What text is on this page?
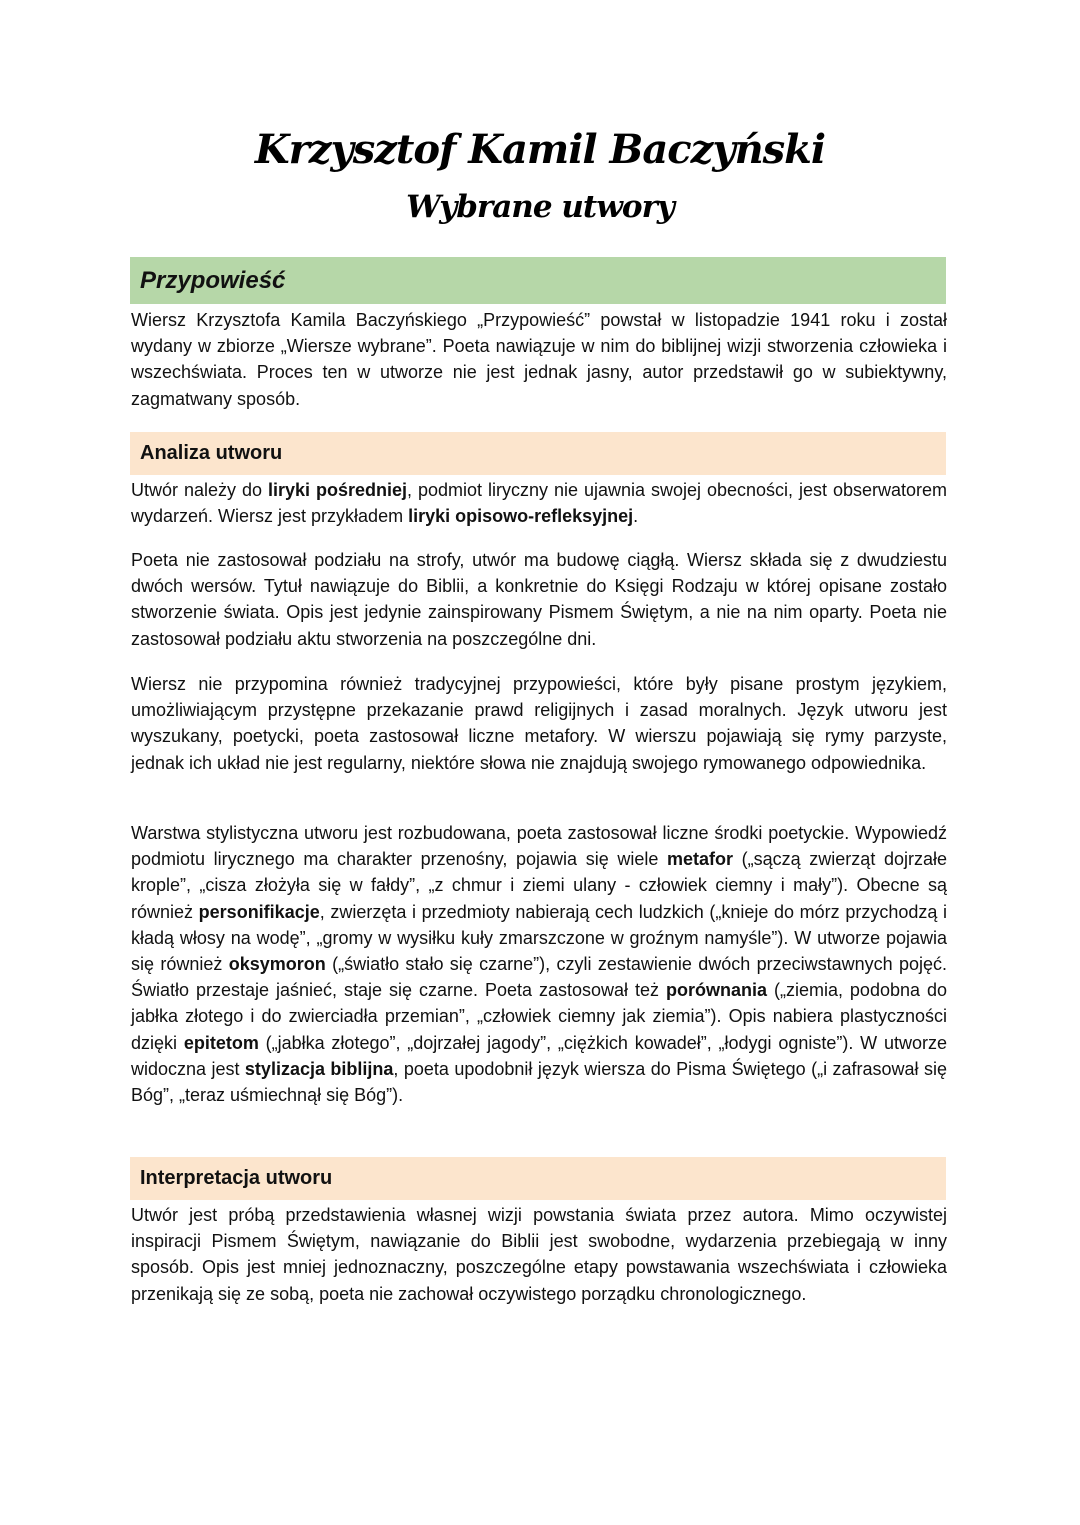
Krzysztof Kamil Baczyński
Wybrane utwory
Przypowieść

Wiersz Krzysztofa Kamila Baczyńskiego „Przypowieść” powstał w listopadzie 1941 roku i został wydany w zbiorze „Wiersze wybrane”. Poeta nawiązuje w nim do biblijnej wizji stworzenia człowieka i wszechświata. Proces ten w utworze nie jest jednak jasny, autor przedstawił go w subiektywny, zagmatwany sposób.

Analiza utworu

Utwór należy do liryki pośredniej, podmiot liryczny nie ujawnia swojej obecności, jest obserwatorem wydarzeń. Wiersz jest przykładem liryki opisowo-refleksyjnej.

Poeta nie zastosował podziału na strofy, utwór ma budowę ciągłą. Wiersz składa się z dwudziestu dwóch wersów. Tytuł nawiązuje do Biblii, a konkretnie do Księgi Rodzaju w której opisane zostało stworzenie świata. Opis jest jedynie zainspirowany Pismem Świętym, a nie na nim oparty. Poeta nie zastosował podziału aktu stworzenia na poszczególne dni.

Wiersz nie przypomina również tradycyjnej przypowieści, które były pisane prostym językiem, umożliwiającym przystępne przekazanie prawd religijnych i zasad moralnych. Język utworu jest wyszukany, poetycki, poeta zastosował liczne metafory. W wierszu pojawiają się rymy parzyste, jednak ich układ nie jest regularny, niektóre słowa nie znajdują swojego rymowanego odpowiednika.

Warstwa stylistyczna utworu jest rozbudowana, poeta zastosował liczne środki poetyckie. Wypowiedź podmiotu lirycznego ma charakter przenośny, pojawia się wiele metafor („sączą zwierząt dojrzałe krople”, „cisza złożyła się w fałdy”, „z chmur i ziemi ulany - człowiek ciemny i mały”). Obecne są również personifikacje, zwierzęta i przedmioty nabierają cech ludzkich („knieje do mórz przychodzą i kładą włosy na wodę”, „gromy w wysiłku kuły zmarszczone w groźnym namyśle”). W utworze pojawia się również oksymoron („światło stało się czarne”), czyli zestawienie dwóch przeciwstawnych pojęć. Światło przestaje jaśnieć, staje się czarne. Poeta zastosował też porównania („ziemia, podobna do jabłka złotego i do zwierciadła przemian”, „człowiek ciemny jak ziemia”). Opis nabiera plastyczności dzięki epitetom („jabłka złotego”, „dojrzałej jagody”, „ciężkich kowadeł”, „łodygi ogniste”). W utworze widoczna jest stylizacja biblijna, poeta upodobnił język wiersza do Pisma Świętego („i zafrasował się Bóg”, „teraz uśmiechnął się Bóg”).

Interpretacja utworu

Utwór jest próbą przedstawienia własnej wizji powstania świata przez autora. Mimo oczywistej inspiracji Pismem Świętym, nawiązanie do Biblii jest swobodne, wydarzenia przebiegają w inny sposób. Opis jest mniej jednoznaczny, poszczególne etapy powstawania wszechświata i człowieka przenikają się ze sobą, poeta nie zachował oczywistego porządku chronologicznego.
